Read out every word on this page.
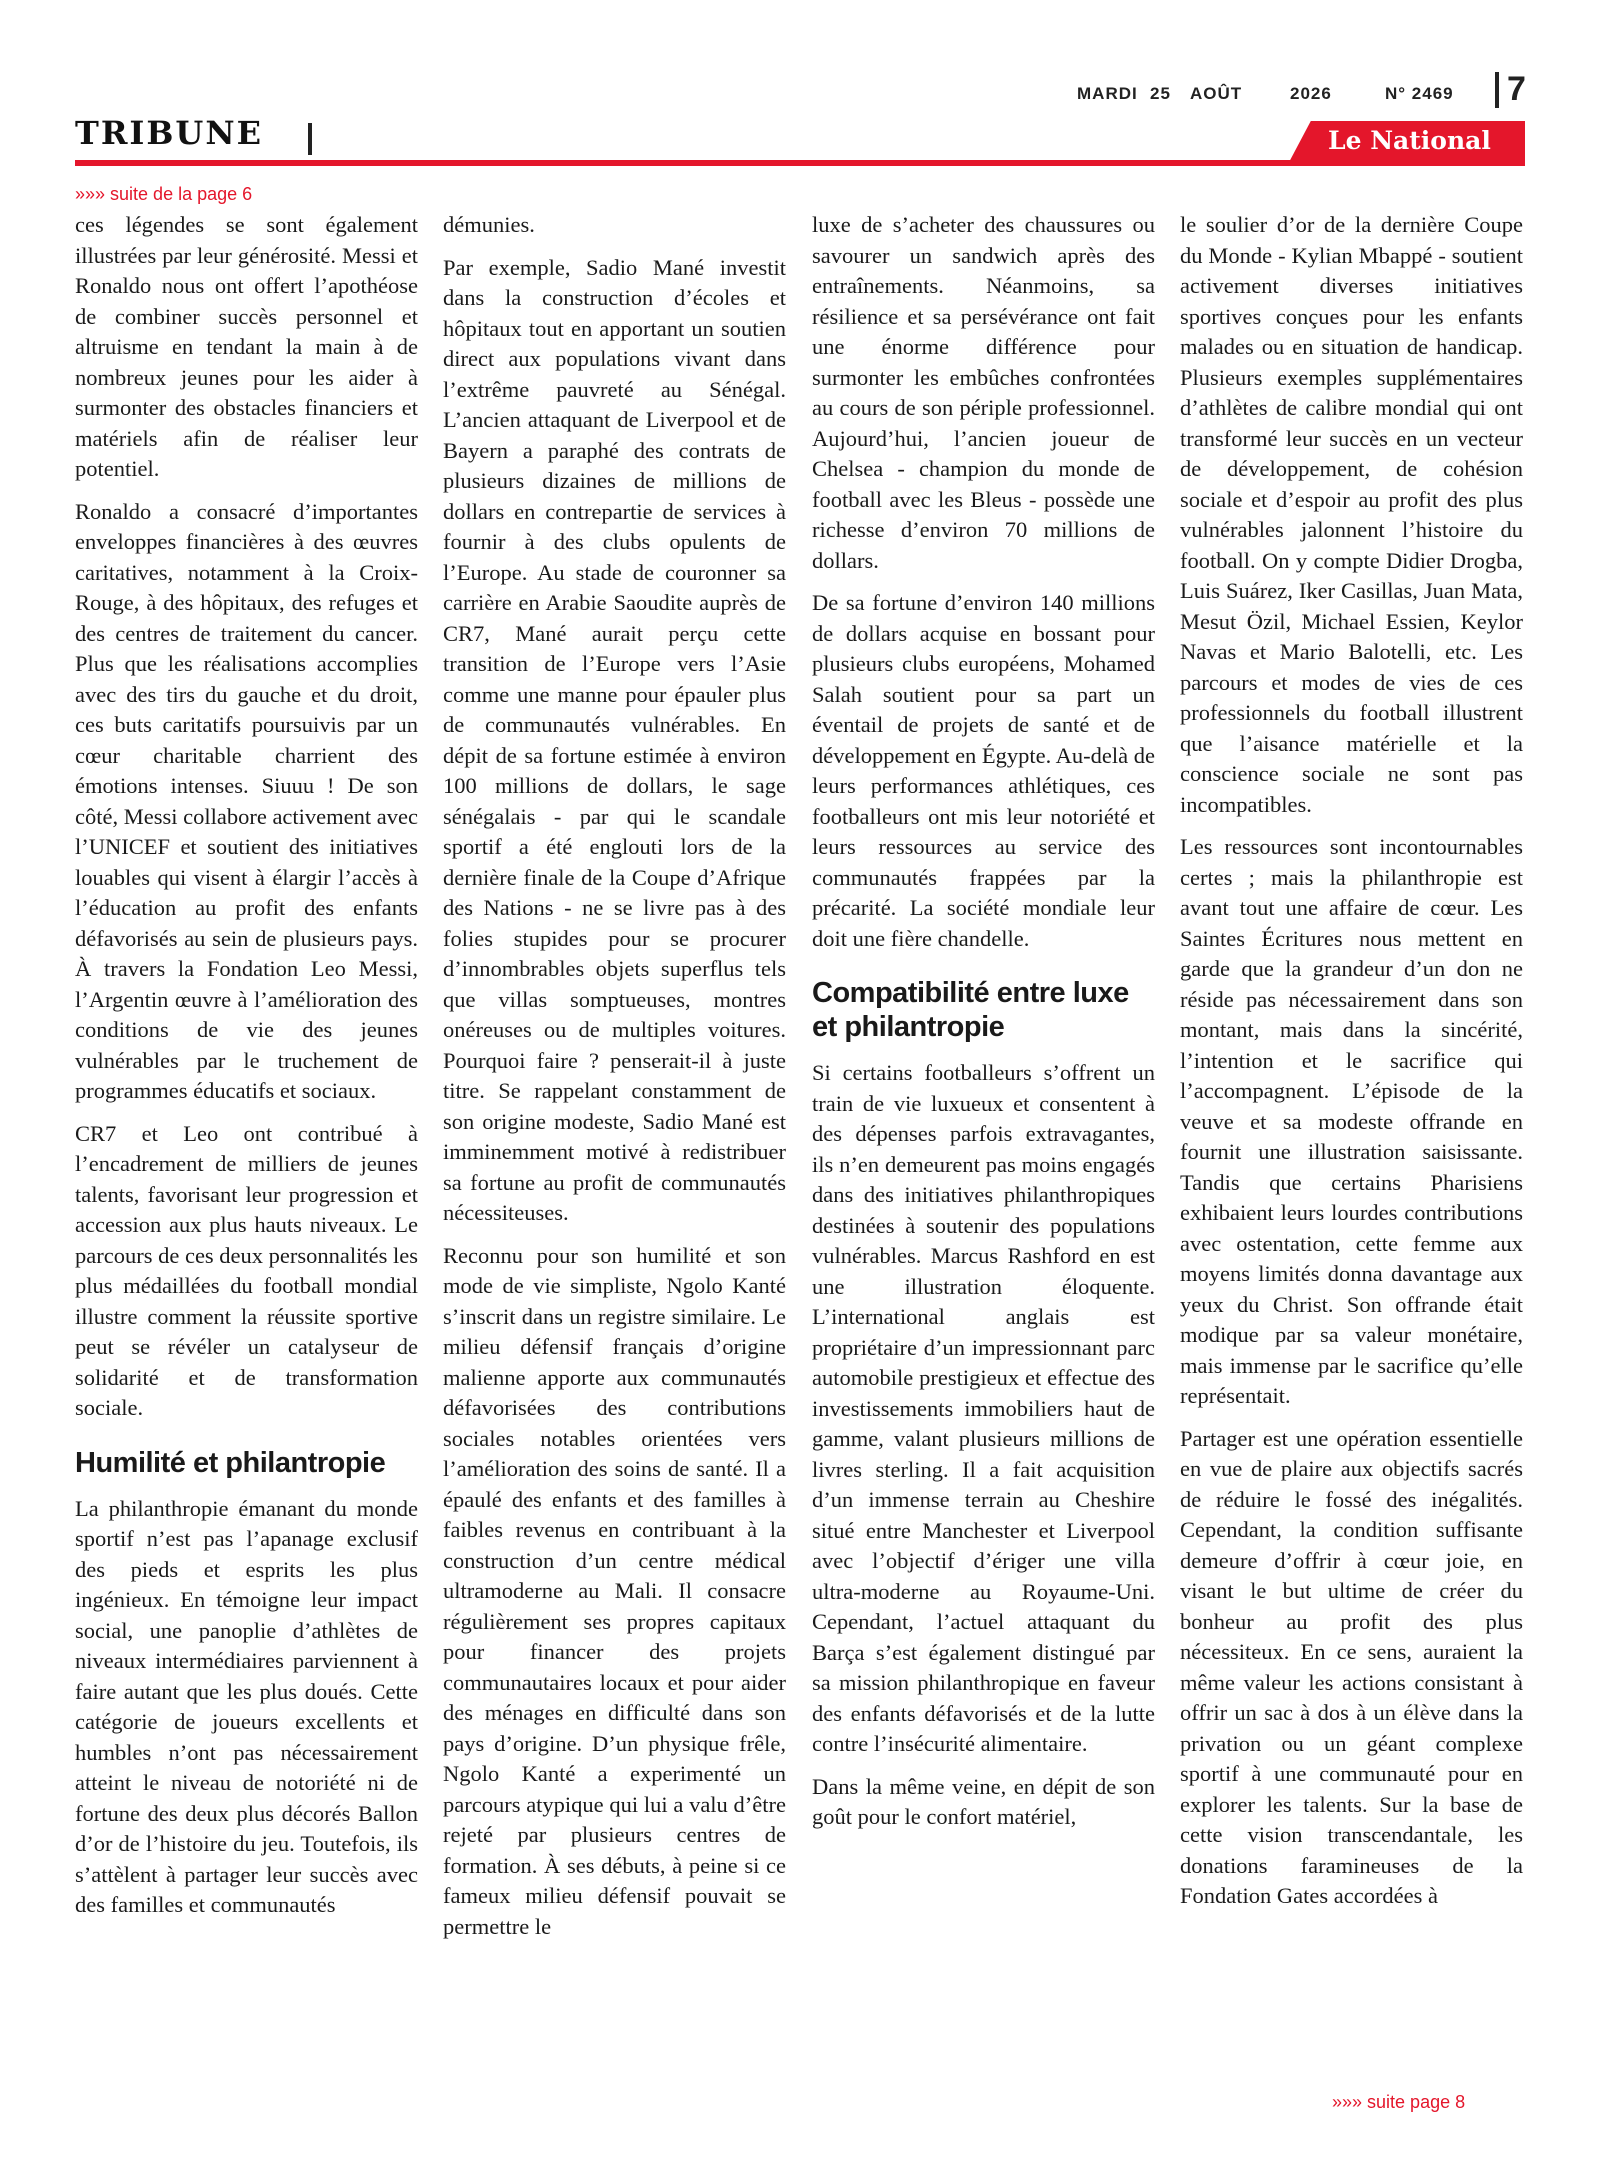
MARDI 25 AOÛT	2026	N° 2469 7
TRIBUNE	Le National
»»» suite de la page 6

ces légendes se sont également illustrées par leur générosité. Messi et Ronaldo nous ont offert l’apothéose de combiner succès personnel et altruisme en tendant la main à de nombreux jeunes pour les aider à surmonter des obstacles financiers et matériels afin de réaliser leur potentiel.

Ronaldo a consacré d’importantes enveloppes financières à des œuvres caritatives, notamment à la Croix-Rouge, à des hôpitaux, des refuges et des centres de traitement du cancer. Plus que les réalisations accomplies avec des tirs du gauche et du droit, ces buts caritatifs poursuivis par un cœur charitable charrient des émotions intenses. Siuuu ! De son côté, Messi collabore activement avec l’UNICEF et soutient des initiatives louables qui visent à élargir l’accès à l’éducation au profit des enfants défavorisés au sein de plusieurs pays. À travers la Fondation Leo Messi, l’Argentin œuvre à l’amélioration des conditions de vie des jeunes vulnérables par le truchement de programmes éducatifs et sociaux.

CR7 et Leo ont contribué à l’encadrement de milliers de jeunes talents, favorisant leur progression et accession aux plus hauts niveaux. Le parcours de ces deux personnalités les plus médaillées du football mondial illustre comment la réussite sportive peut se révéler un catalyseur de solidarité et de transformation sociale.

Humilité et philantropie

La philanthropie émanant du monde sportif n’est pas l’apanage exclusif des pieds et esprits les plus ingénieux. En témoigne leur impact social, une panoplie d’athlètes de niveaux intermédiaires parviennent à faire autant que les plus doués. Cette catégorie de joueurs excellents et humbles n’ont pas nécessairement atteint le niveau de notoriété ni de fortune des deux plus décorés Ballon d’or de l’histoire du jeu. Toutefois, ils s’attèlent à partager leur succès avec des familles et communautés

démunies.

Par exemple, Sadio Mané investit dans la construction d’écoles et hôpitaux tout en apportant un soutien direct aux populations vivant dans l’extrême pauvreté au Sénégal. L’ancien attaquant de Liverpool et de Bayern a paraphé des contrats de plusieurs dizaines de millions de dollars en contrepartie de services à fournir à des clubs opulents de l’Europe. Au stade de couronner sa carrière en Arabie Saoudite auprès de CR7, Mané aurait perçu cette transition de l’Europe vers l’Asie comme une manne pour épauler plus de communautés vulnérables. En dépit de sa fortune estimée à environ 100 millions de dollars, le sage sénégalais - par qui le scandale sportif a été englouti lors de la dernière finale de la Coupe d’Afrique des Nations - ne se livre pas à des folies stupides pour se procurer d’innombrables objets superflus tels que villas somptueuses, montres onéreuses ou de multiples voitures. Pourquoi faire ? penserait-il à juste titre. Se rappelant constamment de son origine modeste, Sadio Mané est imminemment motivé à redistribuer sa fortune au profit de communautés nécessiteuses.

Reconnu pour son humilité et son mode de vie simpliste, Ngolo Kanté s’inscrit dans un registre similaire. Le milieu défensif français d’origine malienne apporte aux communautés défavorisées des contributions sociales notables orientées vers l’amélioration des soins de santé. Il a épaulé des enfants et des familles à faibles revenus en contribuant à la construction d’un centre médical ultramoderne au Mali. Il consacre régulièrement ses propres capitaux pour financer des projets communautaires locaux et pour aider des ménages en difficulté dans son pays d’origine. D’un physique frêle, Ngolo Kanté a experimenté un parcours atypique qui lui a valu d’être rejeté par plusieurs centres de formation. À ses débuts, à peine si ce fameux milieu défensif pouvait se permettre le

luxe de s’acheter des chaussures ou savourer un sandwich après des entraînements. Néanmoins, sa résilience et sa persévérance ont fait une énorme différence pour surmonter les embûches confrontées au cours de son périple professionnel. Aujourd’hui, l’ancien joueur de Chelsea - champion du monde de football avec les Bleus - possède une richesse d’environ 70 millions de dollars.

De sa fortune d’environ 140 millions de dollars acquise en bossant pour plusieurs clubs européens, Mohamed Salah soutient pour sa part un éventail de projets de santé et de développement en Égypte. Au-delà de leurs performances athlétiques, ces footballeurs ont mis leur notoriété et leurs ressources au service des communautés frappées par la précarité. La société mondiale leur doit une fière chandelle.

Compatibilité entre luxe et philantropie

Si certains footballeurs s’offrent un train de vie luxueux et consentent à des dépenses parfois extravagantes, ils n’en demeurent pas moins engagés dans des initiatives philanthropiques destinées à soutenir des populations vulnérables. Marcus Rashford en est une illustration éloquente. L’international anglais est propriétaire d’un impressionnant parc automobile prestigieux et effectue des investissements immobiliers haut de gamme, valant plusieurs millions de livres sterling. Il a fait acquisition d’un immense terrain au Cheshire situé entre Manchester et Liverpool avec l’objectif d’ériger une villa ultra-moderne au Royaume-Uni. Cependant, l’actuel attaquant du Barça s’est également distingué par sa mission philanthropique en faveur des enfants défavorisés et de la lutte contre l’insécurité alimentaire.

Dans la même veine, en dépit de son goût pour le confort matériel,

le soulier d’or de la dernière Coupe du Monde - Kylian Mbappé - soutient activement diverses initiatives sportives conçues pour les enfants malades ou en situation de handicap. Plusieurs exemples supplémentaires d’athlètes de calibre mondial qui ont transformé leur succès en un vecteur de développement, de cohésion sociale et d’espoir au profit des plus vulnérables jalonnent l’histoire du football. On y compte Didier Drogba, Luis Suárez, Iker Casillas, Juan Mata, Mesut Özil, Michael Essien, Keylor Navas et Mario Balotelli, etc. Les parcours et modes de vies de ces professionnels du football illustrent que l’aisance matérielle et la conscience sociale ne sont pas incompatibles.

Les ressources sont incontournables certes ; mais la philanthropie est avant tout une affaire de cœur. Les Saintes Écritures nous mettent en garde que la grandeur d’un don ne réside pas nécessairement dans son montant, mais dans la sincérité, l’intention et le sacrifice qui l’accompagnent. L’épisode de la veuve et sa modeste offrande en fournit une illustration saisissante. Tandis que certains Pharisiens exhibaient leurs lourdes contributions avec ostentation, cette femme aux moyens limités donna davantage aux yeux du Christ. Son offrande était modique par sa valeur monétaire, mais immense par le sacrifice qu’elle représentait.

Partager est une opération essentielle en vue de plaire aux objectifs sacrés de réduire le fossé des inégalités. Cependant, la condition suffisante demeure d’offrir à cœur joie, en visant le but ultime de créer du bonheur au profit des plus nécessiteux. En ce sens, auraient la même valeur les actions consistant à offrir un sac à dos à un élève dans la privation ou un géant complexe sportif à une communauté pour en explorer les talents. Sur la base de cette vision transcendantale, les donations faramineuses de la Fondation Gates accordées à

»»» suite page 8
